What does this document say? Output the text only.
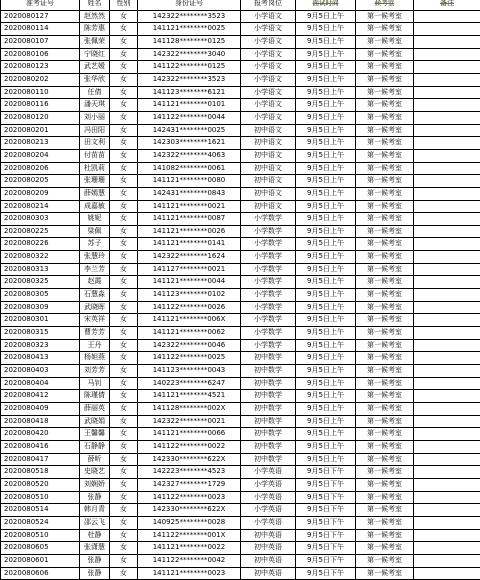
准考证号	姓名	性别	身份证号	报考岗位	面试时间	候考室	备注
2020080127	赵然然	女	142322********3523	小学语文	9月5日上午	第一候考室	
2020080114	陈芳惠	女	141121********0025	小学语文	9月5日上午	第一候考室	
2020080107	张佩荣	女	141128********0125	小学语文	9月5日上午	第一候考室	
2020080106	宁晓红	女	142322********3040	小学语文	9月5日上午	第一候考室	
2020080123	武艺嫒	女	141122********0125	小学语文	9月5日上午	第一候考室	
2020080202	张华欣	女	142322********3523	小学语文	9月5日上午	第一候考室	
2020080110	任倩	女	141123********6121	小学语文	9月5日上午	第一候考室	
2020080116	潘天琪	女	141121********0101	小学语文	9月5日上午	第一候考室	
2020080120	刘小丽	女	141122********0044	小学语文	9月5日上午	第一候考室	
2020080201	冯田阳	女	142431********0025	初中语文	9月5日上午	第一候考室	
2020080213	田文利	女	142303********1621	初中语文	9月5日上午	第一候考室	
2020080204	付苗苗	女	142322********4063	初中语文	9月5日上午	第一候考室	
2020080206	杜凯莉	女	141082********0061	初中语文	9月5日上午	第一候考室	
2020080205	张珊珊	女	141121********0080	初中语文	9月5日上午	第一候考室	
2020080209	薛嫣慧	女	142431********0843	初中语文	9月5日上午	第一候考室	
2020080214	成嘉敏	女	141121********0021	初中语文	9月5日上午	第一候考室	
2020080303	姚妮	女	141121********0087	小学数学	9月5日上午	第一候考室	
2020080225	梁佩	女	141121********0026	小学数学	9月5日上午	第一候考室	
2020080226	苏子	女	141121********0141	小学数学	9月5日上午	第一候考室	
2020080322	张慧玲	女	142322********1624	小学数学	9月5日上午	第一候考室	
2020080313	李兰芳	女	141127********0021	小学数学	9月5日上午	第一候考室	
2020080325	赵霞	女	141121********0044	小学数学	9月5日上午	第一候考室	
2020080305	石慧淼	女	141123********0102	小学数学	9月5日上午	第一候考室	
2020080309	武晓晖	女	141122********0026	小学数学	9月5日上午	第一候考室	
2020080301	宋英祥	女	141121********006X	小学数学	9月5日上午	第一候考室	
2020080315	曹芳芳	女	141121********0062	小学数学	9月5日上午	第一候考室	
2020080323	王丹	女	142322********0046	小学数学	9月5日上午	第一候考室	
2020080413	杨妲燕	女	141122********0025	初中数学	9月5日上午	第一候考室	
2020080403	刘芳芳	女	141123********0043	初中数学	9月5日上午	第一候考室	
2020080404	马钊	女	140223********6247	初中数学	9月5日上午	第一候考室	
2020080412	陈瑾倩	女	141121********4521	初中数学	9月5日上午	第一候考室	
2020080409	薛丽英	女	141128********002X	初中数学	9月5日上午	第一候考室	
2020080418	武晓娟	女	142322********0021	初中数学	9月5日上午	第一候考室	
2020080420	王馨馨	女	141121********0066	初中数学	9月5日上午	第一候考室	
2020080416	石静静	女	141122********0022	初中数学	9月5日上午	第一候考室	
2020080417	薛昕	女	142330********622X	初中数学	9月5日上午	第一候考室	
2020080518	史晓艺	女	142223********4523	小学英语	9月5日下午	第一候考室	
2020080520	刘娴娇	女	142327********1729	小学英语	9月5日下午	第一候考室	
2020080510	张静	女	141122********0023	小学英语	9月5日下午	第一候考室	
2020080514	韩月青	女	142330********622X	小学英语	9月5日下午	第一候考室	
2020080524	邵云飞	女	140925********0028	小学英语	9月5日下午	第一候考室	
2020080510	杜静	女	141122********001X	初中英语	9月5日下午	第一候考室	
2020080605	张潇慧	女	141121********0022	初中英语	9月5日下午	第一候考室	
2020080601	张静	女	141122********0042	初中英语	9月5日下午	第一候考室	
2020080606	张静	女	141121********0023	初中英语	9月5日下午	第一候考室	
